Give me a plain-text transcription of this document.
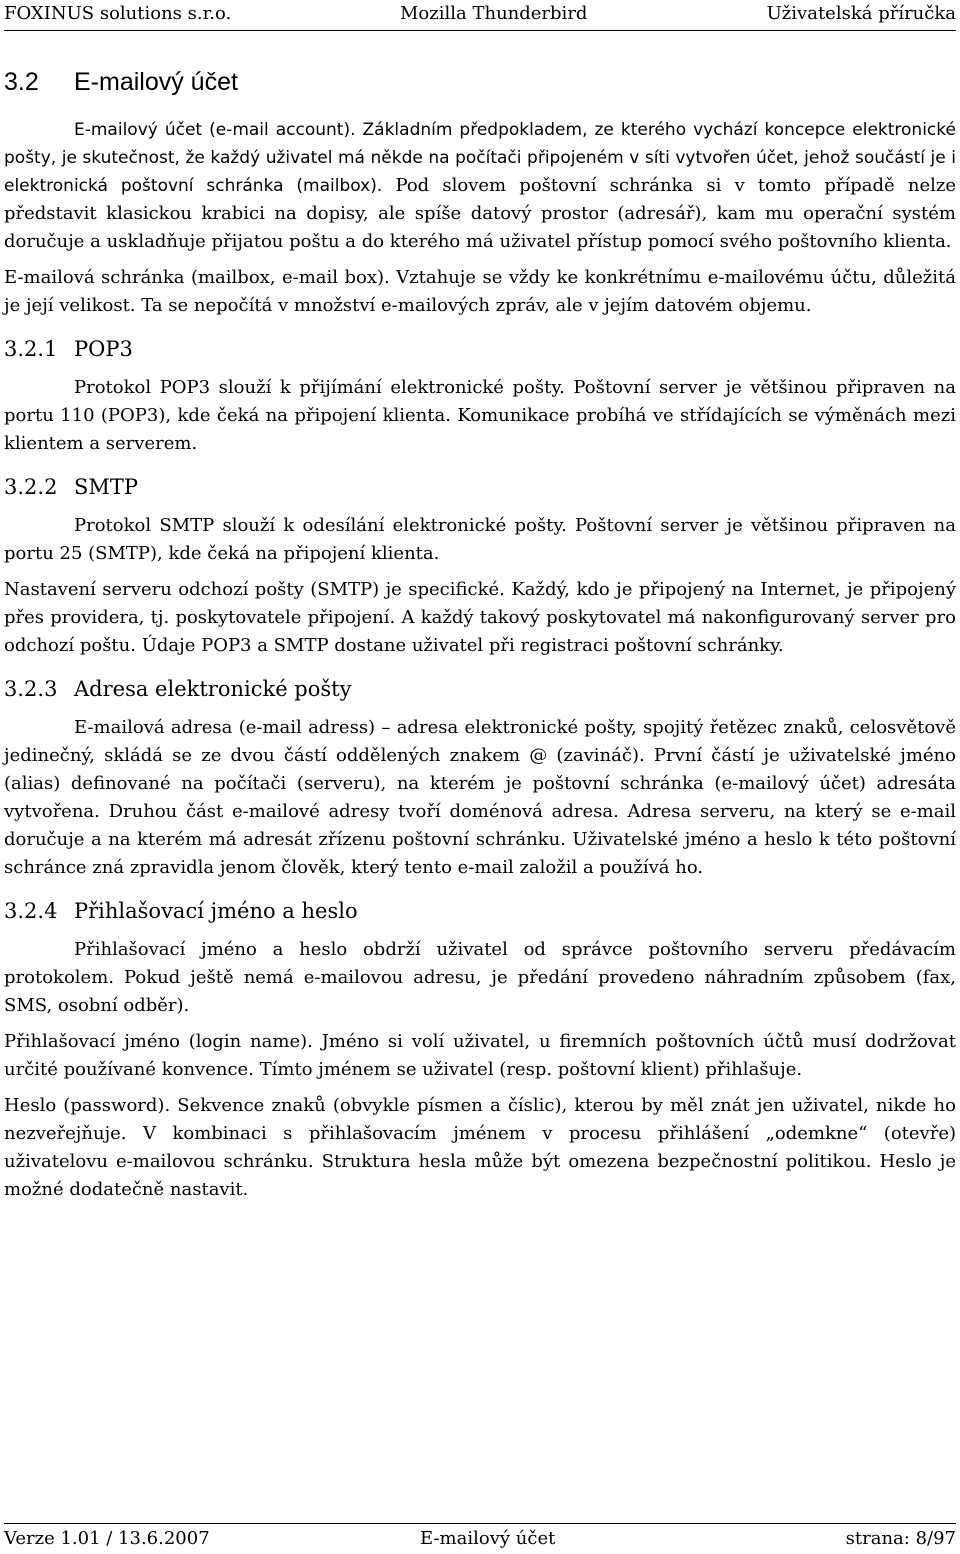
FOXINUS solutions s.r.o.	Mozilla Thunderbird	Uživatelská příručka
3.2 E-mailový účet

E-mailový účet (e-mail account). Základním předpokladem, ze kterého vychází koncepce elektronické pošty, je skutečnost, že každý uživatel má někde na počítači připojeném v síti vytvořen účet, jehož součástí je i elektronická poštovní schránka (mailbox). Pod slovem poštovní schránka si v tomto případě nelze představit klasickou krabici na dopisy, ale spíše datový prostor (adresář), kam mu operační systém doručuje a uskladňuje přijatou poštu a do kterého má uživatel přístup pomocí svého poštovního klienta.

E-mailová schránka (mailbox, e-mail box). Vztahuje se vždy ke konkrétnímu e-mailovému účtu, důležitá je její velikost. Ta se nepočítá v množství e-mailových zpráv, ale v jejím datovém objemu.

3.2.1 POP3

Protokol POP3 slouží k přijímání elektronické pošty. Poštovní server je většinou připraven na portu 110 (POP3), kde čeká na připojení klienta. Komunikace probíhá ve střídajících se výměnách mezi klientem a serverem.

3.2.2 SMTP

Protokol SMTP slouží k odesílání elektronické pošty. Poštovní server je většinou připraven na portu 25 (SMTP), kde čeká na připojení klienta.

Nastavení serveru odchozí pošty (SMTP) je specifické. Každý, kdo je připojený na Internet, je připojený přes providera, tj. poskytovatele připojení. A každý takový poskytovatel má nakonfigurovaný server pro odchozí poštu. Údaje POP3 a SMTP dostane uživatel při registraci poštovní schránky.

3.2.3 Adresa elektronické pošty

E-mailová adresa (e-mail adress) – adresa elektronické pošty, spojitý řetězec znaků, celosvětově jedinečný, skládá se ze dvou částí oddělených znakem @ (zavináč). První částí je uživatelské jméno (alias) definované na počítači (serveru), na kterém je poštovní schránka (e-mailový účet) adresáta vytvořena. Druhou část e-mailové adresy tvoří doménová adresa. Adresa serveru, na který se e-mail doručuje a na kterém má adresát zřízenu poštovní schránku. Uživatelské jméno a heslo k této poštovní schránce zná zpravidla jenom člověk, který tento e-mail založil a používá ho.

3.2.4 Přihlašovací jméno a heslo

Přihlašovací jméno a heslo obdrží uživatel od správce poštovního serveru předávacím protokolem. Pokud ještě nemá e-mailovou adresu, je předání provedeno náhradním způsobem (fax, SMS, osobní odběr).

Přihlašovací jméno (login name). Jméno si volí uživatel, u firemních poštovních účtů musí dodržovat určité používané konvence. Tímto jménem se uživatel (resp. poštovní klient) přihlašuje.

Heslo (password). Sekvence znaků (obvykle písmen a číslic), kterou by měl znát jen uživatel, nikde ho nezveřejňuje. V kombinaci s přihlašovacím jménem v procesu přihlášení „odemkne“ (otevře) uživatelovu e-mailovou schránku. Struktura hesla může být omezena bezpečnostní politikou. Heslo je možné dodatečně nastavit.

Verze 1.01 / 13.6.2007	E-mailový účet	strana: 8/97
